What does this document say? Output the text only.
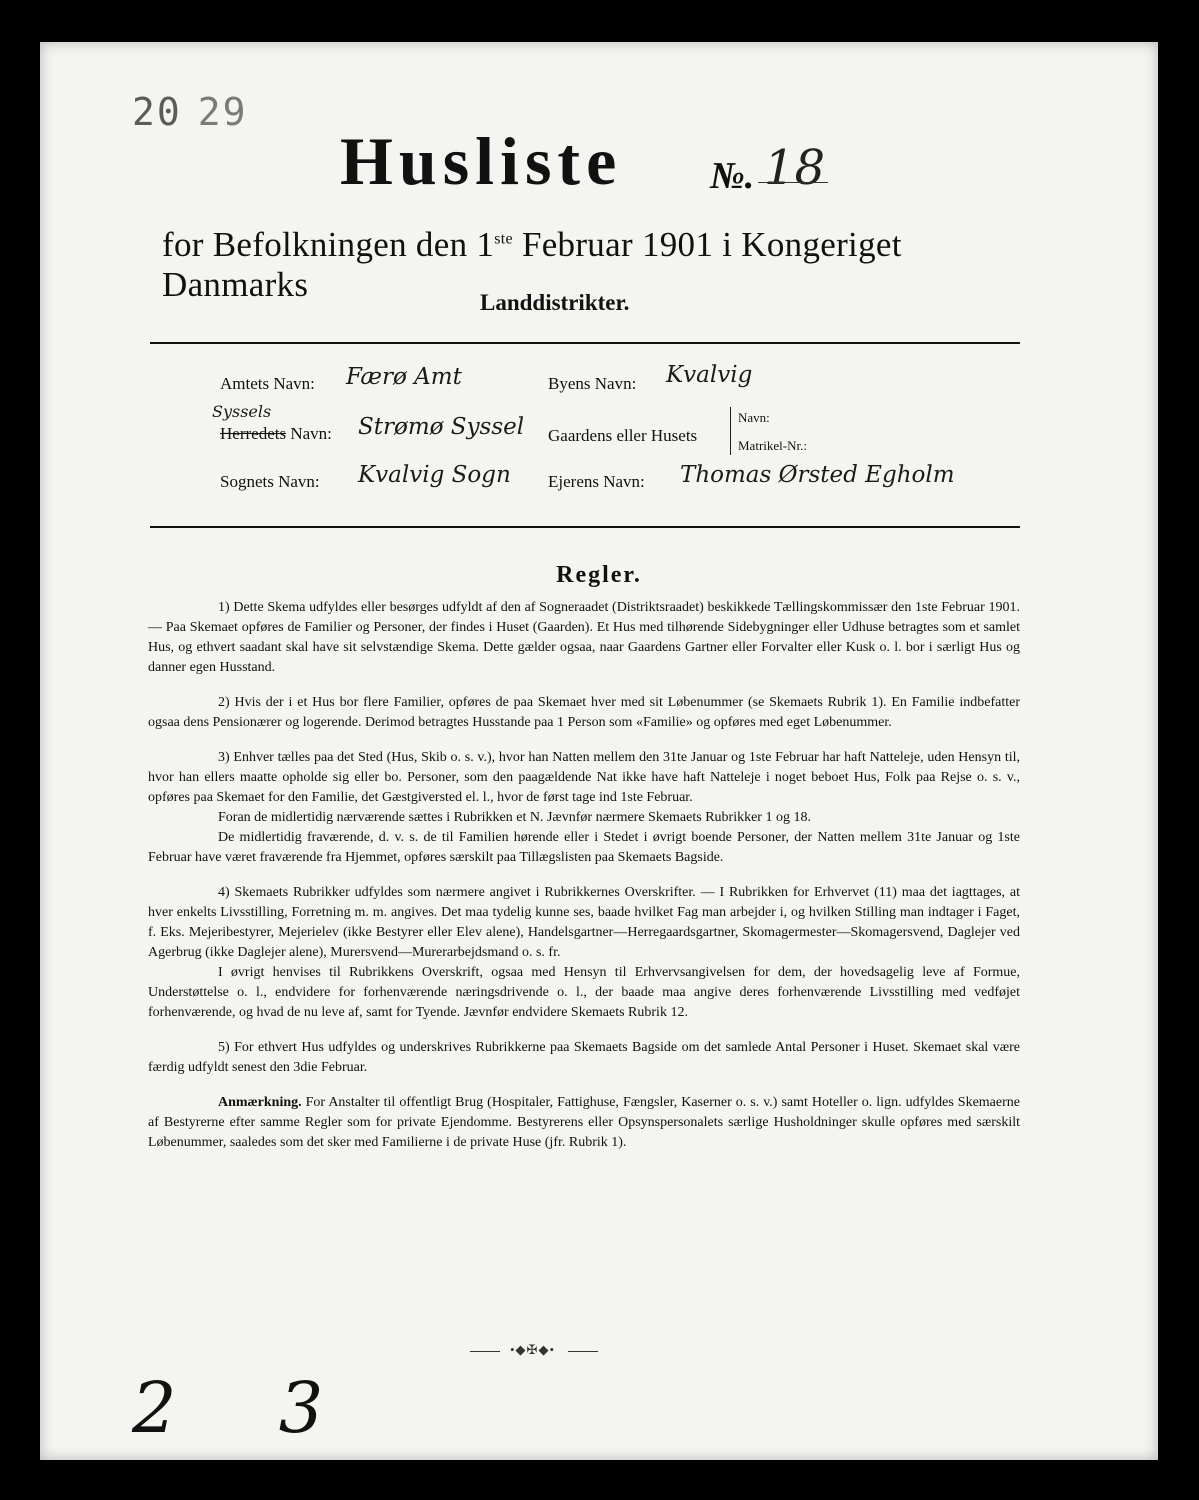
20 29
Husliste №. 18
for Befolkningen den 1ste Februar 1901 i Kongeriget Danmarks	Landdistrikter.
Amtets Navn: Færø Amt
Syssels
Herredets Navn: Strømø Syssel
Sognets Navn: Kvalvig Sogn
Byens Navn: Kvalvig
Gaardens eller Husets
Navn:
Matrikel-Nr.:
Ejerens Navn: Thomas Ørsted Egholm
Regler.

1) Dette Skema udfyldes eller besørges udfyldt af den af Sogneraadet (Distriktsraadet) beskikkede Tællingskommissær den 1ste Februar 1901. — Paa Skemaet opføres de Familier og Personer, der findes i Huset (Gaarden). Et Hus med tilhørende Sidebygninger eller Udhuse betragtes som et samlet Hus, og ethvert saadant skal have sit selvstændige Skema. Dette gælder ogsaa, naar Gaardens Gartner eller Forvalter eller Kusk o. l. bor i særligt Hus og danner egen Husstand.

2) Hvis der i et Hus bor flere Familier, opføres de paa Skemaet hver med sit Løbenummer (se Skemaets Rubrik 1). En Familie indbefatter ogsaa dens Pensionærer og logerende. Derimod betragtes Husstande paa 1 Person som «Familie» og opføres med eget Løbenummer.

3) Enhver tælles paa det Sted (Hus, Skib o. s. v.), hvor han Natten mellem den 31te Januar og 1ste Februar har haft Natteleje, uden Hensyn til, hvor han ellers maatte opholde sig eller bo. Personer, som den paagældende Nat ikke have haft Natteleje i noget beboet Hus, Folk paa Rejse o. s. v., opføres paa Skemaet for den Familie, det Gæstgiversted el. l., hvor de først tage ind 1ste Februar.

Foran de midlertidig nærværende sættes i Rubrikken et N. Jævnfør nærmere Skemaets Rubrikker 1 og 18.

De midlertidig fraværende, d. v. s. de til Familien hørende eller i Stedet i øvrigt boende Personer, der Natten mellem 31te Januar og 1ste Februar have været fraværende fra Hjemmet, opføres særskilt paa Tillægslisten paa Skemaets Bagside.

4) Skemaets Rubrikker udfyldes som nærmere angivet i Rubrikkernes Overskrifter. — I Rubrikken for Erhvervet (11) maa det iagttages, at hver enkelts Livsstilling, Forretning m. m. angives. Det maa tydelig kunne ses, baade hvilket Fag man arbejder i, og hvilken Stilling man indtager i Faget, f. Eks. Mejeribestyrer, Mejerielev (ikke Bestyrer eller Elev alene), Handelsgartner—Herregaardsgartner, Skomagermester—Skomagersvend, Daglejer ved Agerbrug (ikke Daglejer alene), Murersvend—Murerarbejdsmand o. s. fr.

I øvrigt henvises til Rubrikkens Overskrift, ogsaa med Hensyn til Erhvervsangivelsen for dem, der hovedsagelig leve af Formue, Understøttelse o. l., endvidere for forhenværende næringsdrivende o. l., der baade maa angive deres forhenværende Livsstilling med vedføjet forhenværende, og hvad de nu leve af, samt for Tyende. Jævnfør endvidere Skemaets Rubrik 12.

5) For ethvert Hus udfyldes og underskrives Rubrikkerne paa Skemaets Bagside om det samlede Antal Personer i Huset. Skemaet skal være færdig udfyldt senest den 3die Februar.

Anmærkning. For Anstalter til offentligt Brug (Hospitaler, Fattighuse, Fængsler, Kaserner o. s. v.) samt Hoteller o. lign. udfyldes Skemaerne af Bestyrerne efter samme Regler som for private Ejendomme. Bestyrerens eller Opsynspersonalets særlige Husholdninger skulle opføres med særskilt Løbenummer, saaledes som det sker med Familierne i de private Huse (jfr. Rubrik 1).

•◆✠◆•
2 3
